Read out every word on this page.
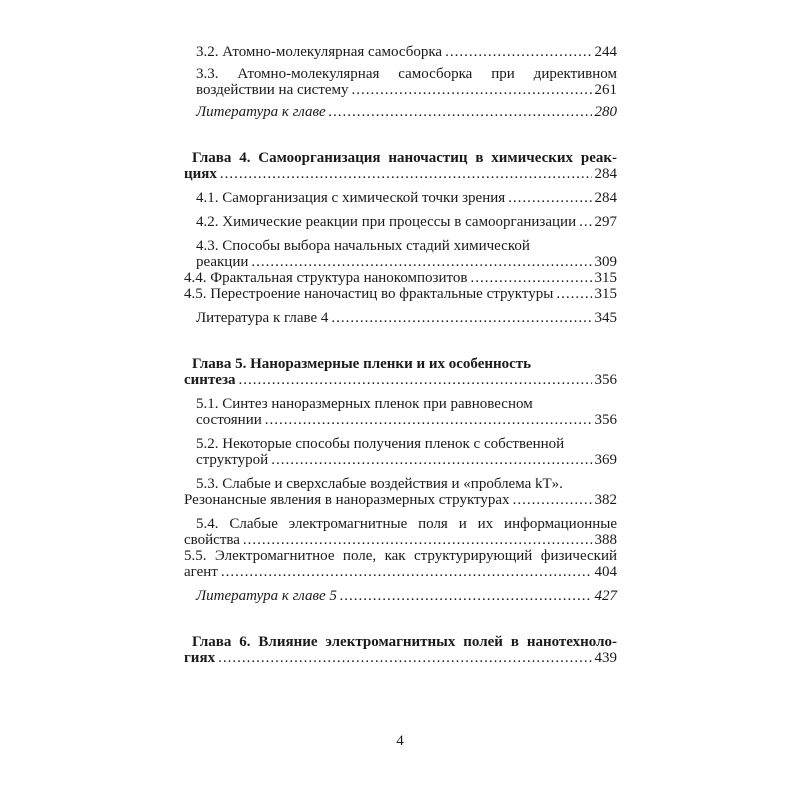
3.2. Атомно-молекулярная самосборка .....	244
3.3. Атомно-молекулярная самосборка при директивном
воздействии на систему .....	261
Литература к главе .....	280
Глава 4. Самоорганизация наночастиц в химических реак-
циях .....	284
4.1. Саморганизация с химической точки зрения .....	284
4.2. Химические реакции при процессы в самоорганизации ..... 297
4.3. Способы выбора начальных стадий химической
реакции .....	309
4.4. Фрактальная структура нанокомпозитов .....	315
4.5. Перестроение наночастиц во фрактальные структуры .....	315
Литература к главе 4 .....	345
Глава 5. Наноразмерные пленки и их особенность
синтеза .....	356
5.1. Синтез наноразмерных пленок при равновесном
состоянии .....	356
5.2. Некоторые способы получения пленок с собственной
структурой .....	369
5.3. Слабые и сверхслабые воздействия и «проблема kT».
Резонансные явления в наноразмерных структурах .....	382
5.4. Слабые электромагнитные поля и их информационные
свойства .....	388
5.5. Электромагнитное поле, как структурирующий физический
агент .....	404
Литература к главе 5 .....	427
Глава 6. Влияние электромагнитных полей в нанотехноло-
гиях .....	439
4
